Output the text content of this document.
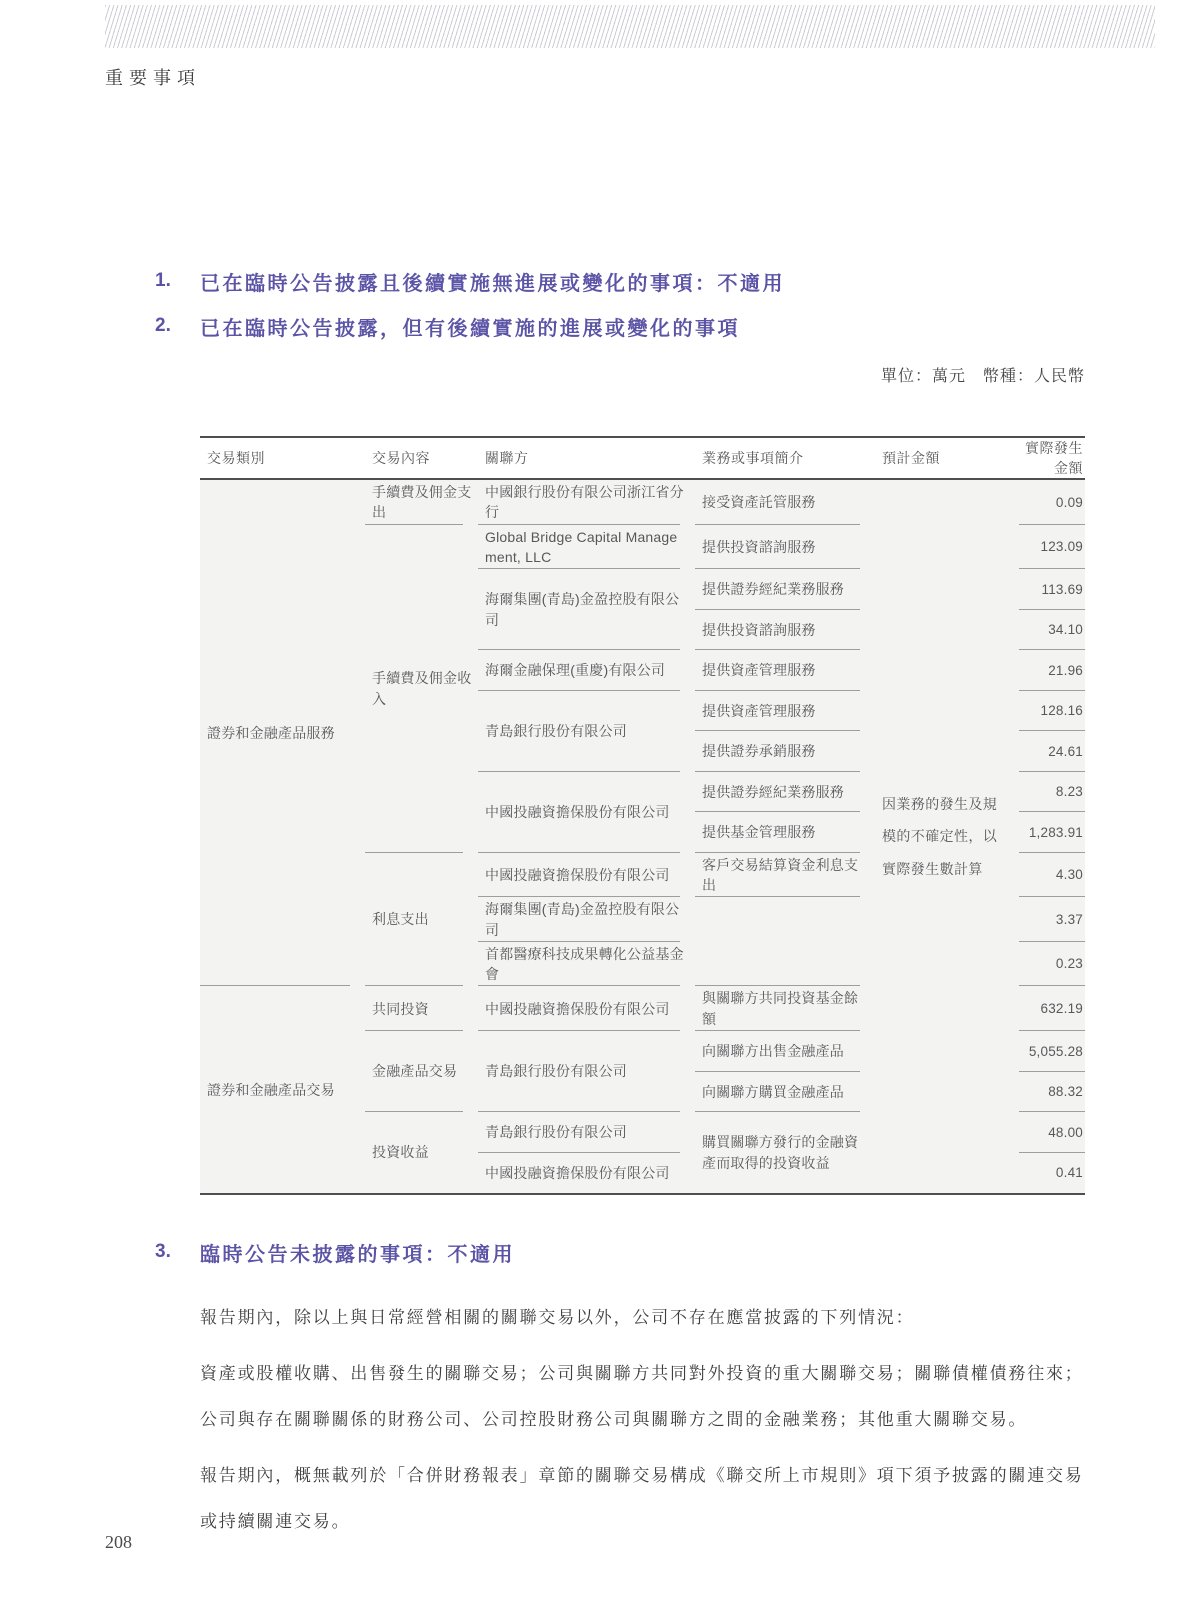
重要事項
1. 已在臨時公告披露且後續實施無進展或變化的事項：不適用
2. 已在臨時公告披露，但有後續實施的進展或變化的事項
單位：萬元　幣種：人民幣
交易類別	交易內容	關聯方	業務或事項簡介	預計金額	實際發生金額
證券和金融產品服務	手續費及佣金支出	中國銀行股份有限公司浙江省分行	接受資產託管服務	因業務的發生及規模的不確定性，以實際發生數計算	0.09
	手續費及佣金收入	Global Bridge Capital Management, LLC	提供投資諮詢服務		123.09
		海爾集團(青島)金盈控股有限公司	提供證券經紀業務服務		113.69
			提供投資諮詢服務		34.10
		海爾金融保理(重慶)有限公司	提供資產管理服務		21.96
		青島銀行股份有限公司	提供資產管理服務		128.16
			提供證券承銷服務		24.61
		中國投融資擔保股份有限公司	提供證券經紀業務服務		8.23
			提供基金管理服務		1,283.91
	利息支出	中國投融資擔保股份有限公司	客戶交易結算資金利息支出		4.30
		海爾集團(青島)金盈控股有限公司			3.37
		首都醫療科技成果轉化公益基金會			0.23
證券和金融產品交易	共同投資	中國投融資擔保股份有限公司	與關聯方共同投資基金餘額		632.19
	金融產品交易	青島銀行股份有限公司	向關聯方出售金融產品		5,055.28
			向關聯方購買金融產品		88.32
	投資收益	青島銀行股份有限公司	購買關聯方發行的金融資產而取得的投資收益		48.00
		中國投融資擔保股份有限公司			0.41
3. 臨時公告未披露的事項：不適用

報告期內，除以上與日常經營相關的關聯交易以外，公司不存在應當披露的下列情況：

資產或股權收購、出售發生的關聯交易；公司與關聯方共同對外投資的重大關聯交易；關聯債權債務往來；公司與存在關聯關係的財務公司、公司控股財務公司與關聯方之間的金融業務；其他重大關聯交易。

報告期內，概無載列於「合併財務報表」章節的關聯交易構成《聯交所上市規則》項下須予披露的關連交易或持續關連交易。

208
